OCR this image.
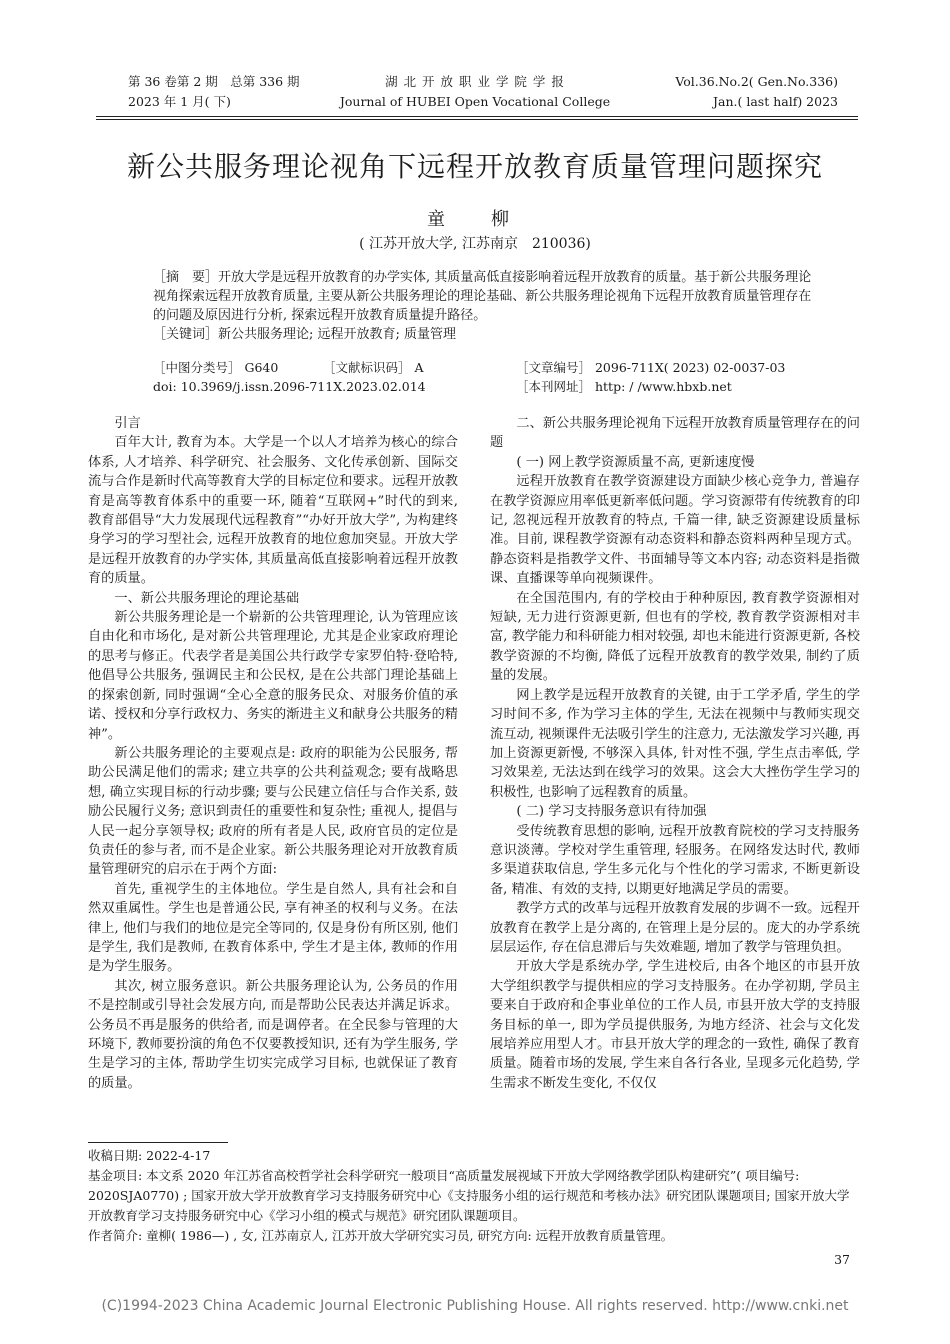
第 36 卷第 2 期　总第 336 期
2023 年 1 月( 下)
湖 北 开 放 职 业 学 院 学 报
Journal of HUBEI Open Vocational College
Vol.36.No.2( Gen.No.336)
Jan.( last half) 2023
新公共服务理论视角下远程开放教育质量管理问题探究
童　柳
( 江苏开放大学, 江苏南京　210036)

［摘　要］开放大学是远程开放教育的办学实体, 其质量高低直接影响着远程开放教育的质量。基于新公共服务理论视角探索远程开放教育质量, 主要从新公共服务理论的理论基础、新公共服务理论视角下远程开放教育质量管理存在的问题及原因进行分析, 探索远程开放教育质量提升路径。

［关键词］新公共服务理论; 远程开放教育; 质量管理

［中图分类号］ G640	［文献标识码］ A	［文章编号］ 2096-711X( 2023) 02-0037-03
doi: 10.3969/j.issn.2096-711X.2023.02.014	［本刊网址］ http: / /www.hbxb.net

引言

百年大计, 教育为本。大学是一个以人才培养为核心的综合体系, 人才培养、科学研究、社会服务、文化传承创新、国际交流与合作是新时代高等教育大学的目标定位和要求。远程开放教育是高等教育体系中的重要一环, 随着“互联网+”时代的到来, 教育部倡导“大力发展现代远程教育”“办好开放大学”, 为构建终身学习的学习型社会, 远程开放教育的地位愈加突显。开放大学是远程开放教育的办学实体, 其质量高低直接影响着远程开放教育的质量。

一、新公共服务理论的理论基础

新公共服务理论是一个崭新的公共管理理论, 认为管理应该自由化和市场化, 是对新公共管理理论, 尤其是企业家政府理论的思考与修正。代表学者是美国公共行政学专家罗伯特·登哈特, 他倡导公共服务, 强调民主和公民权, 是在公共部门理论基础上的探索创新, 同时强调“全心全意的服务民众、对服务价值的承诺、授权和分享行政权力、务实的渐进主义和献身公共服务的精神”。

新公共服务理论的主要观点是: 政府的职能为公民服务, 帮助公民满足他们的需求; 建立共享的公共利益观念; 要有战略思想, 确立实现目标的行动步骤; 要与公民建立信任与合作关系, 鼓励公民履行义务; 意识到责任的重要性和复杂性; 重视人, 提倡与人民一起分享领导权; 政府的所有者是人民, 政府官员的定位是负责任的参与者, 而不是企业家。新公共服务理论对开放教育质量管理研究的启示在于两个方面:

首先, 重视学生的主体地位。学生是自然人, 具有社会和自然双重属性。学生也是普通公民, 享有神圣的权利与义务。在法律上, 他们与我们的地位是完全等同的, 仅是身份有所区别, 他们是学生, 我们是教师, 在教育体系中, 学生才是主体, 教师的作用是为学生服务。

其次, 树立服务意识。新公共服务理论认为, 公务员的作用不是控制或引导社会发展方向, 而是帮助公民表达并满足诉求。公务员不再是服务的供给者, 而是调停者。在全民参与管理的大环境下, 教师要扮演的角色不仅要教授知识, 还有为学生服务, 学生是学习的主体, 帮助学生切实完成学习目标, 也就保证了教育的质量。

二、新公共服务理论视角下远程开放教育质量管理存在的问题

( 一) 网上教学资源质量不高, 更新速度慢

远程开放教育在教学资源建设方面缺少核心竞争力, 普遍存在教学资源应用率低更新率低问题。学习资源带有传统教育的印记, 忽视远程开放教育的特点, 千篇一律, 缺乏资源建设质量标准。目前, 课程教学资源有动态资料和静态资料两种呈现方式。静态资料是指教学文件、书面辅导等文本内容; 动态资料是指微课、直播课等单向视频课件。

在全国范围内, 有的学校由于种种原因, 教育教学资源相对短缺, 无力进行资源更新, 但也有的学校, 教育教学资源相对丰富, 教学能力和科研能力相对较强, 却也未能进行资源更新, 各校教学资源的不均衡, 降低了远程开放教育的教学效果, 制约了质量的发展。

网上教学是远程开放教育的关键, 由于工学矛盾, 学生的学习时间不多, 作为学习主体的学生, 无法在视频中与教师实现交流互动, 视频课件无法吸引学生的注意力, 无法激发学习兴趣, 再加上资源更新慢, 不够深入具体, 针对性不强, 学生点击率低, 学习效果差, 无法达到在线学习的效果。这会大大挫伤学生学习的积极性, 也影响了远程教育的质量。

( 二) 学习支持服务意识有待加强

受传统教育思想的影响, 远程开放教育院校的学习支持服务意识淡薄。学校对学生重管理, 轻服务。在网络发达时代, 教师多渠道获取信息, 学生多元化与个性化的学习需求, 不断更新设备, 精准、有效的支持, 以期更好地满足学员的需要。

教学方式的改革与远程开放教育发展的步调不一致。远程开放教育在教学上是分离的, 在管理上是分层的。庞大的办学系统层层运作, 存在信息滞后与失效难题, 增加了教学与管理负担。

开放大学是系统办学, 学生进校后, 由各个地区的市县开放大学组织教学与提供相应的学习支持服务。在办学初期, 学员主要来自于政府和企事业单位的工作人员, 市县开放大学的支持服务目标的单一, 即为学员提供服务, 为地方经济、社会与文化发展培养应用型人才。市县开放大学的理念的一致性, 确保了教育质量。随着市场的发展, 学生来自各行各业, 呈现多元化趋势, 学生需求不断发生变化, 不仅仅

收稿日期: 2022-4-17

基金项目: 本文系 2020 年江苏省高校哲学社会科学研究一般项目“高质量发展视域下开放大学网络教学团队构建研究”( 项目编号: 2020SJA0770) ; 国家开放大学开放教育学习支持服务研究中心《支持服务小组的运行规范和考核办法》研究团队课题项目; 国家开放大学开放教育学习支持服务研究中心《学习小组的模式与规范》研究团队课题项目。

作者简介: 童柳( 1986—) , 女, 江苏南京人, 江苏开放大学研究实习员, 研究方向: 远程开放教育质量管理。

37
(C)1994-2023 China Academic Journal Electronic Publishing House. All rights reserved. http://www.cnki.net
